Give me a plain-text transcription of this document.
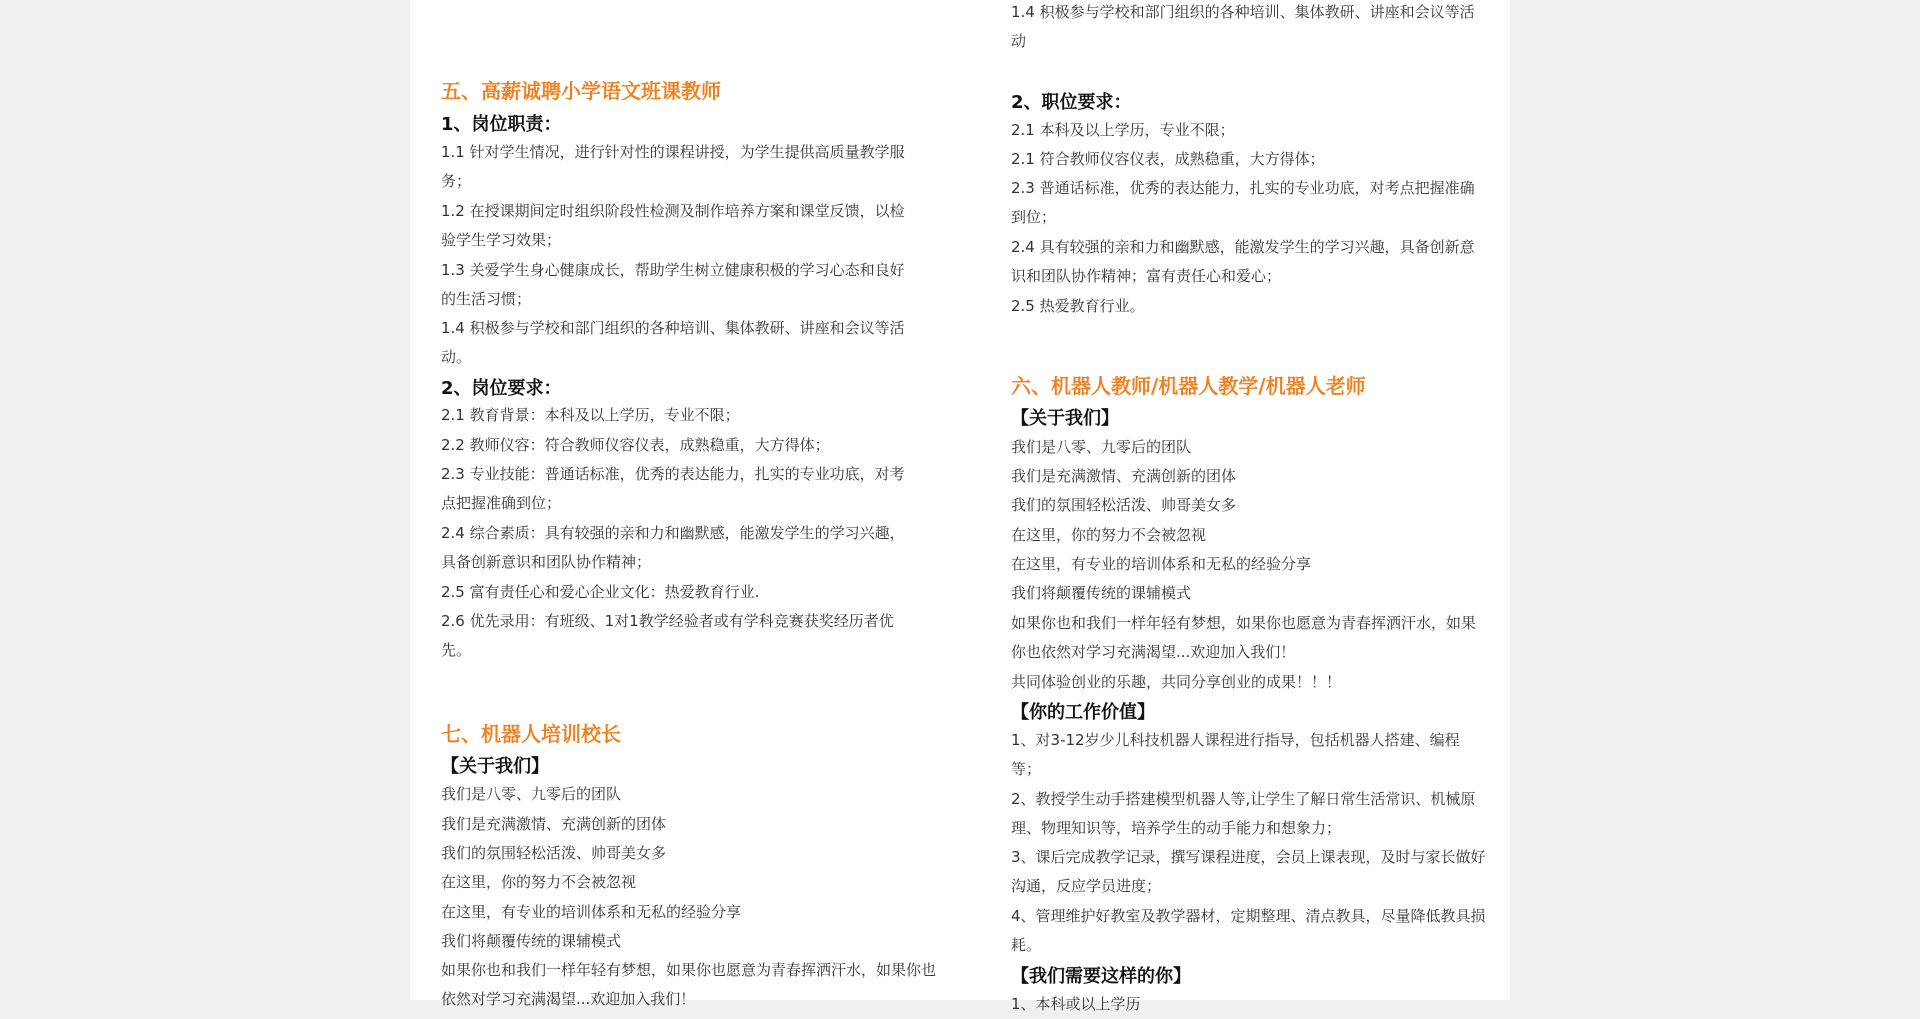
五、高薪诚聘小学语文班课教师
1、岗位职责：
1.1 针对学生情况，进行针对性的课程讲授，为学生提供高质量教学服务；
1.2 在授课期间定时组织阶段性检测及制作培养方案和课堂反馈，以检验学生学习效果；
1.3 关爱学生身心健康成长，帮助学生树立健康积极的学习心态和良好的生活习惯；
1.4 积极参与学校和部门组织的各种培训、集体教研、讲座和会议等活动。
2、岗位要求：
2.1 教育背景：本科及以上学历，专业不限；
2.2 教师仪容：符合教师仪容仪表，成熟稳重，大方得体；
2.3 专业技能：普通话标准，优秀的表达能力，扎实的专业功底，对考点把握准确到位；
2.4 综合素质：具有较强的亲和力和幽默感，能激发学生的学习兴趣，具备创新意识和团队协作精神；
2.5 富有责任心和爱心企业文化：热爱教育行业.
2.6 优先录用：有班级、1对1教学经验者或有学科竞赛获奖经历者优先。
七、机器人培训校长
【关于我们】
我们是八零、九零后的团队
我们是充满激情、充满创新的团体
我们的氛围轻松活泼、帅哥美女多
在这里，你的努力不会被忽视
在这里，有专业的培训体系和无私的经验分享
我们将颠覆传统的课辅模式
如果你也和我们一样年轻有梦想，如果你也愿意为青春挥洒汗水，如果你也依然对学习充满渴望...欢迎加入我们！
1.4 积极参与学校和部门组织的各种培训、集体教研、讲座和会议等活动
2、职位要求：
2.1 本科及以上学历，专业不限；
2.1 符合教师仪容仪表，成熟稳重，大方得体；
2.3 普通话标准，优秀的表达能力，扎实的专业功底，对考点把握准确到位；
2.4 具有较强的亲和力和幽默感，能激发学生的学习兴趣，具备创新意识和团队协作精神；富有责任心和爱心；
2.5 热爱教育行业。
六、机器人教师/机器人教学/机器人老师
【关于我们】
我们是八零、九零后的团队
我们是充满激情、充满创新的团体
我们的氛围轻松活泼、帅哥美女多
在这里，你的努力不会被忽视
在这里，有专业的培训体系和无私的经验分享
我们将颠覆传统的课辅模式
如果你也和我们一样年轻有梦想，如果你也愿意为青春挥洒汗水，如果你也依然对学习充满渴望...欢迎加入我们！
共同体验创业的乐趣，共同分享创业的成果！！！
【你的工作价值】
1、对3-12岁少儿科技机器人课程进行指导，包括机器人搭建、编程等；
2、教授学生动手搭建模型机器人等,让学生了解日常生活常识、机械原理、物理知识等，培养学生的动手能力和想象力；
3、课后完成教学记录，撰写课程进度，会员上课表现，及时与家长做好沟通，反应学员进度；
4、管理维护好教室及教学器材，定期整理、清点教具，尽量降低教具损耗。
【我们需要这样的你】
1、本科或以上学历
